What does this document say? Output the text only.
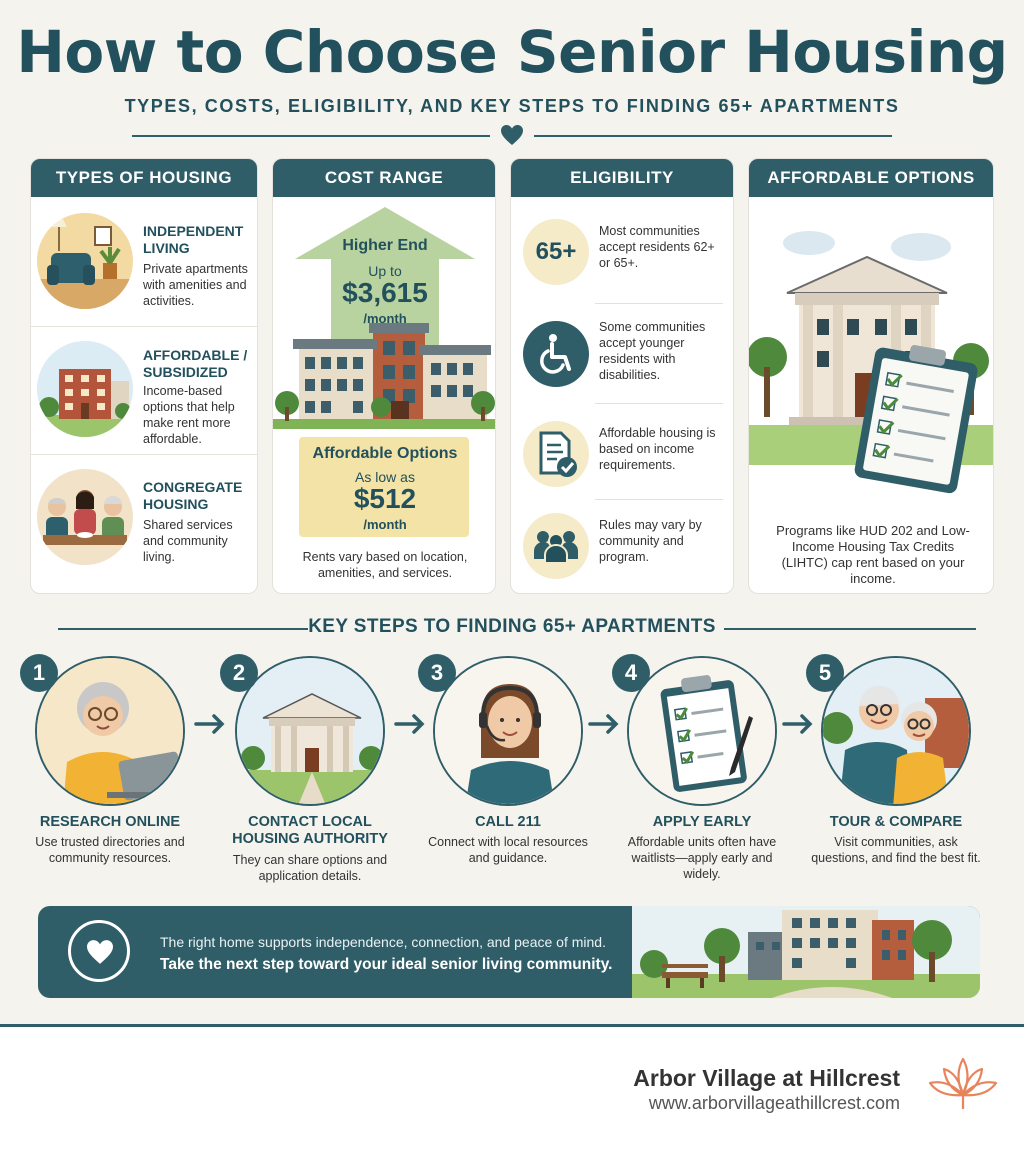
How to Choose Senior Housing
TYPES, COSTS, ELIGIBILITY, AND KEY STEPS TO FINDING 65+ APARTMENTS
TYPES OF HOUSING
INDEPENDENT LIVING
Private apartments with amenities and activities.
AFFORDABLE / SUBSIDIZED
Income-based options that help make rent more affordable.
CONGREGATE HOUSING
Shared services and community living.
COST RANGE
Higher End
Up to
$3,615
/month
Affordable Options
As low as
$512
/month
Rents vary based on location, amenities, and services.
ELIGIBILITY
65+
Most communities accept residents 62+ or 65+.
Some communities accept younger residents with disabilities.
Affordable housing is based on income requirements.
Rules may vary by community and program.
AFFORDABLE OPTIONS
Programs like HUD 202 and Low-Income Housing Tax Credits (LIHTC) cap rent based on your income.
KEY STEPS TO FINDING 65+ APARTMENTS
1
RESEARCH ONLINE
Use trusted directories and community resources.
2
CONTACT LOCAL HOUSING AUTHORITY
They can share options and application details.
3
CALL 211
Connect with local resources and guidance.
4
APPLY EARLY
Affordable units often have waitlists—apply early and widely.
5
TOUR & COMPARE
Visit communities, ask questions, and find the best fit.
The right home supports independence, connection, and peace of mind.
Take the next step toward your ideal senior living community.
Arbor Village at Hillcrest
www.arborvillageathillcrest.com
